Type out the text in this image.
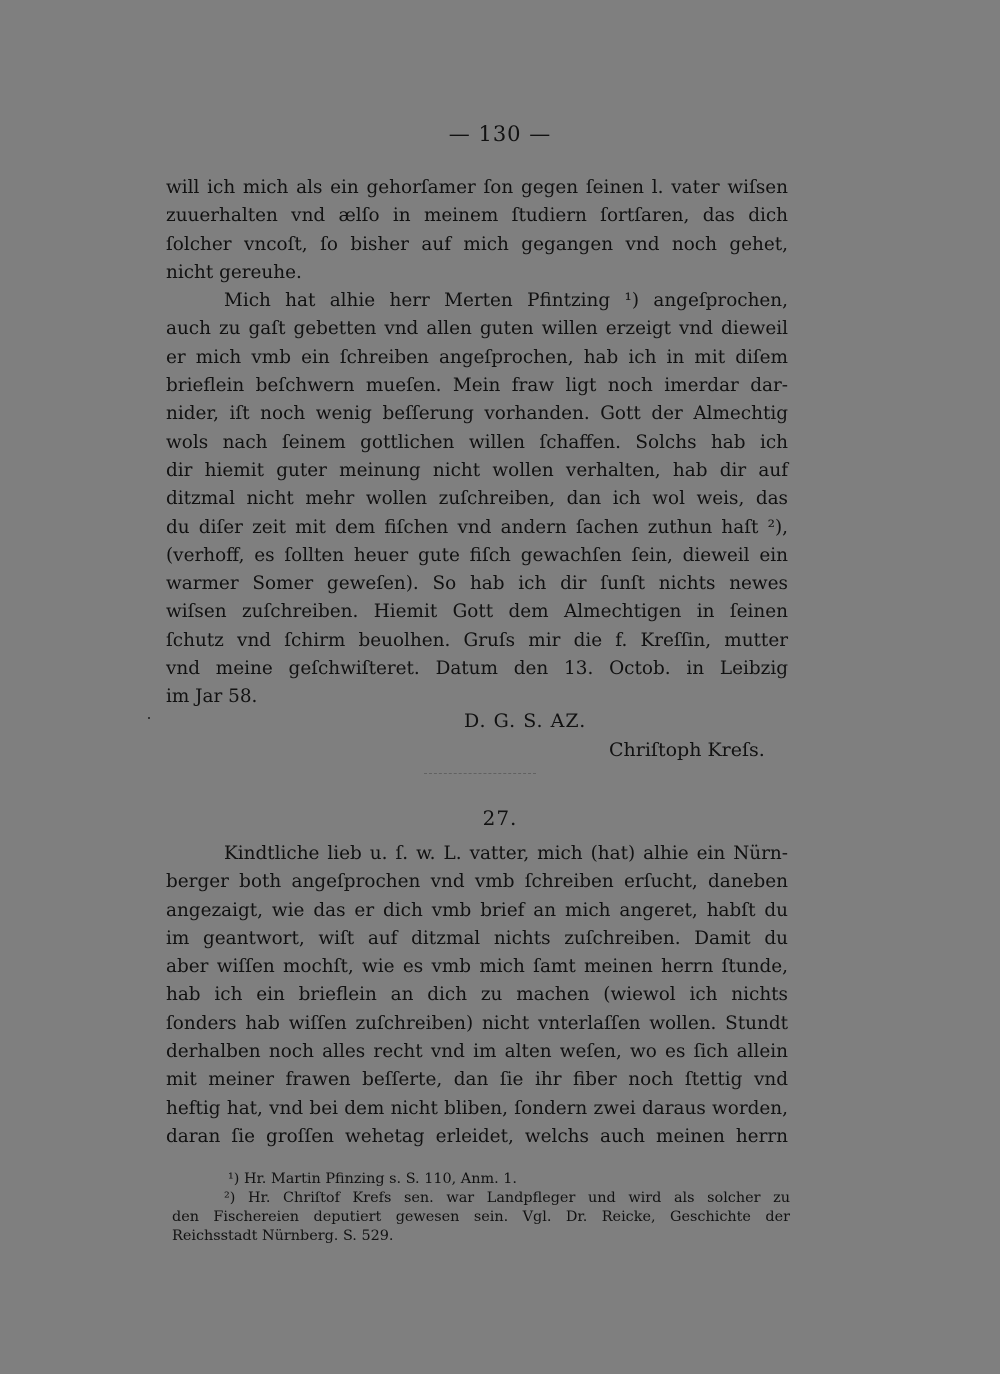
— 130 —
will ich mich als ein gehorſamer ſon gegen ſeinen l. vater wiſsen
zuuerhalten vnd ælſo in meinem ſtudiern ſortſaren, das dich
ſolcher vncoſt, ſo bisher auf mich gegangen vnd noch gehet,
nicht gereuhe.
Mich hat alhie herr Merten Pfintzing ¹) angeſprochen,
auch zu gaſt gebetten vnd allen guten willen erzeigt vnd dieweil
er mich vmb ein ſchreiben angeſprochen, hab ich in mit diſem
brieflein beſchwern mueſen. Mein fraw ligt noch imerdar dar-
nider, iſt noch wenig beſſerung vorhanden. Gott der Almechtig
wols nach ſeinem gottlichen willen ſchaffen. Solchs hab ich
dir hiemit guter meinung nicht wollen verhalten, hab dir auf
ditzmal nicht mehr wollen zuſchreiben, dan ich wol weis, das
du diſer zeit mit dem fiſchen vnd andern ſachen zuthun haſt ²),
(verhoff, es ſollten heuer gute fiſch gewachſen ſein, dieweil ein
warmer Somer geweſen). So hab ich dir ſunſt nichts newes
wiſsen zuſchreiben. Hiemit Gott dem Almechtigen in ſeinen
ſchutz vnd ſchirm beuolhen. Gruſs mir die f. Kreſſin, mutter
vnd meine geſchwiſteret. Datum den 13. Octob. in Leibzig
im Jar 58.
D. G. S. AZ.
Chriſtoph Kreſs.
27.
Kindtliche lieb u. ſ. w. L. vatter, mich (hat) alhie ein Nürn-
berger both angeſprochen vnd vmb ſchreiben erſucht, daneben
angezaigt, wie das er dich vmb brief an mich angeret, habſt du
im geantwort, wiſt auf ditzmal nichts zuſchreiben. Damit du
aber wiſſen mochſt, wie es vmb mich ſamt meinen herrn ſtunde,
hab ich ein brieflein an dich zu machen (wiewol ich nichts
ſonders hab wiſſen zuſchreiben) nicht vnterlaſſen wollen. Stundt
derhalben noch alles recht vnd im alten weſen, wo es ſich allein
mit meiner frawen beſſerte, dan ſie ihr fiber noch ſtettig vnd
heftig hat, vnd bei dem nicht bliben, ſondern zwei daraus worden,
daran ſie groſſen wehetag erleidet, welchs auch meinen herrn
¹) Hr. Martin Pfinzing s. S. 110, Anm. 1.
²) Hr. Chriſtof Krefs sen. war Landpfleger und wird als solcher zu
den Fischereien deputiert gewesen sein. Vgl. Dr. Reicke, Geschichte der
Reichsstadt Nürnberg. S. 529.
